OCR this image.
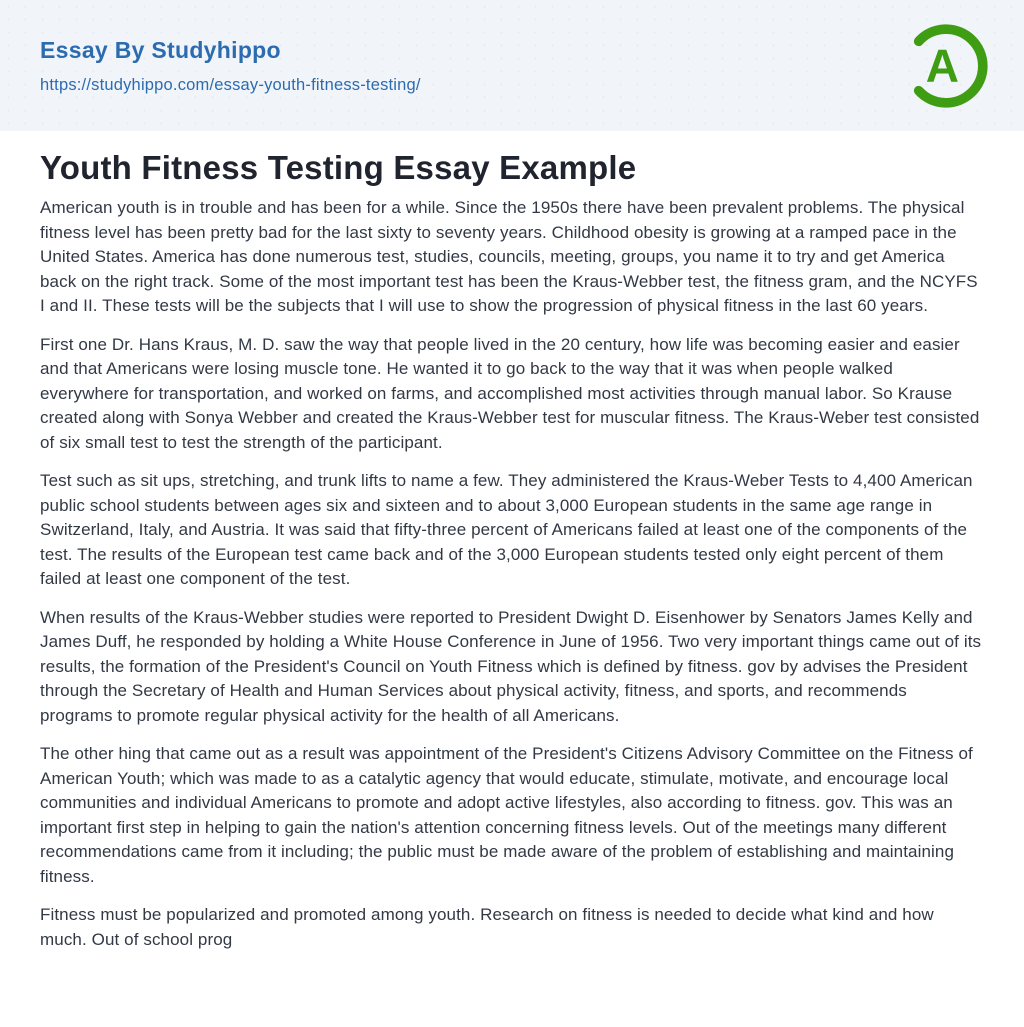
Essay By Studyhippo
https://studyhippo.com/essay-youth-fitness-testing/	A
Youth Fitness Testing Essay Example

American youth is in trouble and has been for a while. Since the 1950s there have been prevalent problems. The physical fitness level has been pretty bad for the last sixty to seventy years. Childhood obesity is growing at a ramped pace in the United States. America has done numerous test, studies, councils, meeting, groups, you name it to try and get America back on the right track. Some of the most important test has been the Kraus-Webber test, the fitness gram, and the NCYFS I and II. These tests will be the subjects that I will use to show the progression of physical fitness in the last 60 years.

First one Dr. Hans Kraus, M. D. saw the way that people lived in the 20 century, how life was becoming easier and easier and that Americans were losing muscle tone. He wanted it to go back to the way that it was when people walked everywhere for transportation, and worked on farms, and accomplished most activities through manual labor. So Krause created along with Sonya Webber and created the Kraus-Webber test for muscular fitness. The Kraus-Weber test consisted of six small test to test the strength of the participant.

Test such as sit ups, stretching, and trunk lifts to name a few. They administered the Kraus-Weber Tests to 4,400 American public school students between ages six and sixteen and to about 3,000 European students in the same age range in Switzerland, Italy, and Austria. It was said that fifty-three percent of Americans failed at least one of the components of the test. The results of the European test came back and of the 3,000 European students tested only eight percent of them failed at least one component of the test.

When results of the Kraus-Webber studies were reported to President Dwight D. Eisenhower by Senators James Kelly and James Duff, he responded by holding a White House Conference in June of 1956. Two very important things came out of its results, the formation of the President's Council on Youth Fitness which is defined by fitness. gov by advises the President through the Secretary of Health and Human Services about physical activity, fitness, and sports, and recommends programs to promote regular physical activity for the health of all Americans.

The other hing that came out as a result was appointment of the President's Citizens Advisory Committee on the Fitness of American Youth; which was made to as a catalytic agency that would educate, stimulate, motivate, and encourage local communities and individual Americans to promote and adopt active lifestyles, also according to fitness. gov. This was an important first step in helping to gain the nation's attention concerning fitness levels. Out of the meetings many different recommendations came from it including; the public must be made aware of the problem of establishing and maintaining fitness.

Fitness must be popularized and promoted among youth. Research on fitness is needed to decide what kind and how much. Out of school prog
